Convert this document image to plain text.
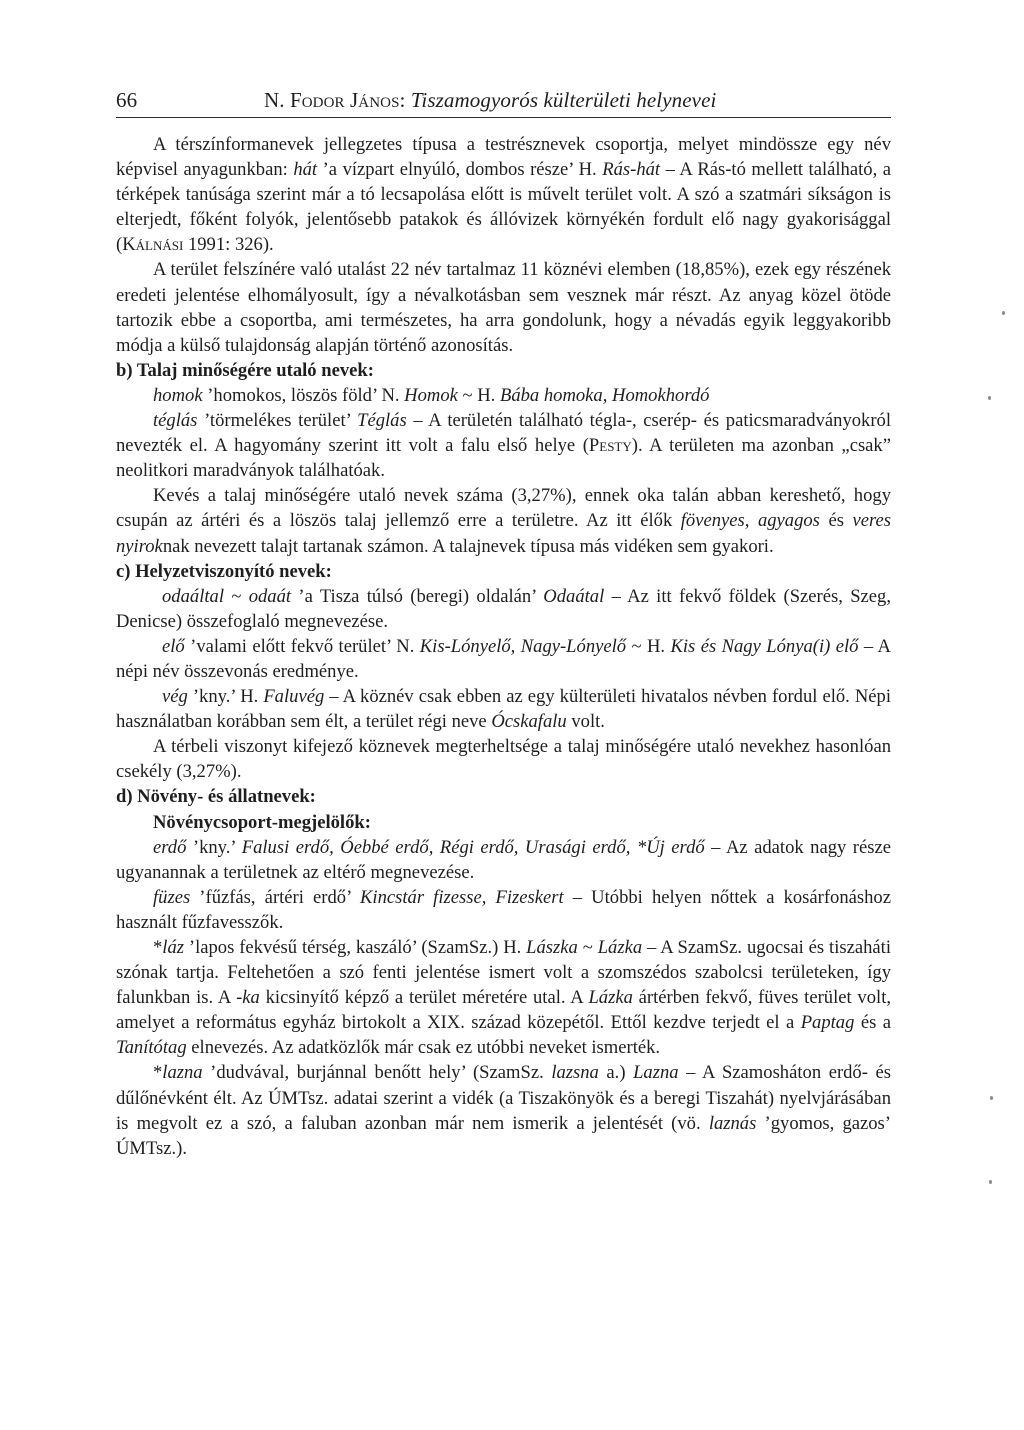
66	N. Fodor János:
Tiszamogyorós külterületi helynevei

A térszínformanevek jellegzetes típusa a testrésznevek csoportja, melyet mindössze egy név képvisel anyagunkban: hát ’a vízpart elnyúló, dombos része’ H. Rás-hát – A Rás-tó mellett található, a térképek tanúsága szerint már a tó lecsapolása előtt is művelt terület volt. A szó a szatmári síkságon is elterjedt, főként folyók, jelentősebb patakok és állóvizek környékén fordult elő nagy gyakorisággal (Kálnási 1991: 326).

A terület felszínére való utalást 22 név tartalmaz 11 köznévi elemben (18,85%), ezek egy részének eredeti jelentése elhomályosult, így a névalkotásban sem vesznek már részt. Az anyag közel ötöde tartozik ebbe a csoportba, ami természetes, ha arra gondolunk, hogy a névadás egyik leggyakoribb módja a külső tulajdonság alapján történő azonosítás.

b) Talaj minőségére utaló nevek:

homok ’homokos, löszös föld’ N. Homok ~ H. Bába homoka, Homokhordó

téglás ’törmelékes terület’ Téglás – A területén található tégla-, cserép- és paticsmaradványokról nevezték el. A hagyomány szerint itt volt a falu első helye (Pesty). A területen ma azonban „csak” neolitkori maradványok találhatóak.

Kevés a talaj minőségére utaló nevek száma (3,27%), ennek oka talán abban kereshető, hogy csupán az ártéri és a löszös talaj jellemző erre a területre. Az itt élők fövenyes, agyagos és veres nyiroknak nevezett talajt tartanak számon. A talajnevek típusa más vidéken sem gyakori.

c) Helyzetviszonyító nevek:

odaáltal ~ odaát ’a Tisza túlsó (beregi) oldalán’ Odaátal – Az itt fekvő földek (Szerés, Szeg, Denicse) összefoglaló megnevezése.

elő ’valami előtt fekvő terület’ N. Kis-Lónyelő, Nagy-Lónyelő ~ H. Kis és Nagy Lónya(i) elő – A népi név összevonás eredménye.

vég ’kny.’ H. Faluvég – A köznév csak ebben az egy külterületi hivatalos névben fordul elő. Népi használatban korábban sem élt, a terület régi neve Ócskafalu volt.

A térbeli viszonyt kifejező köznevek megterheltsége a talaj minőségére utaló nevekhez hasonlóan csekély (3,27%).

d) Növény- és állatnevek:

Növénycsoport-megjelölők:

erdő ’kny.’ Falusi erdő, Óebbé erdő, Régi erdő, Urasági erdő, *Új erdő – Az adatok nagy része ugyanannak a területnek az eltérő megnevezése.

füzes ’fűzfás, ártéri erdő’ Kincstár fizesse, Fizeskert – Utóbbi helyen nőttek a kosárfonáshoz használt fűzfavesszők.

*láz ’lapos fekvésű térség, kaszáló’ (SzamSz.) H. Lászka ~ Lázka – A SzamSz. ugocsai és tiszaháti szónak tartja. Feltehetően a szó fenti jelentése ismert volt a szomszédos szabolcsi területeken, így falunkban is. A -ka kicsinyítő képző a terület méretére utal. A Lázka ártérben fekvő, füves terület volt, amelyet a református egyház birtokolt a XIX. század közepétől. Ettől kezdve terjedt el a Paptag és a Tanítótag elnevezés. Az adatközlők már csak ez utóbbi neveket ismerték.

*lazna ’dudvával, burjánnal benőtt hely’ (SzamSz. lazsna a.) Lazna – A Szamosháton erdő- és dűlőnévként élt. Az ÚMTsz. adatai szerint a vidék (a Tiszakönyök és a beregi Tiszahát) nyelvjárásában is megvolt ez a szó, a faluban azonban már nem ismerik a jelentését (vö. laznás ’gyomos, gazos’ ÚMTsz.).
